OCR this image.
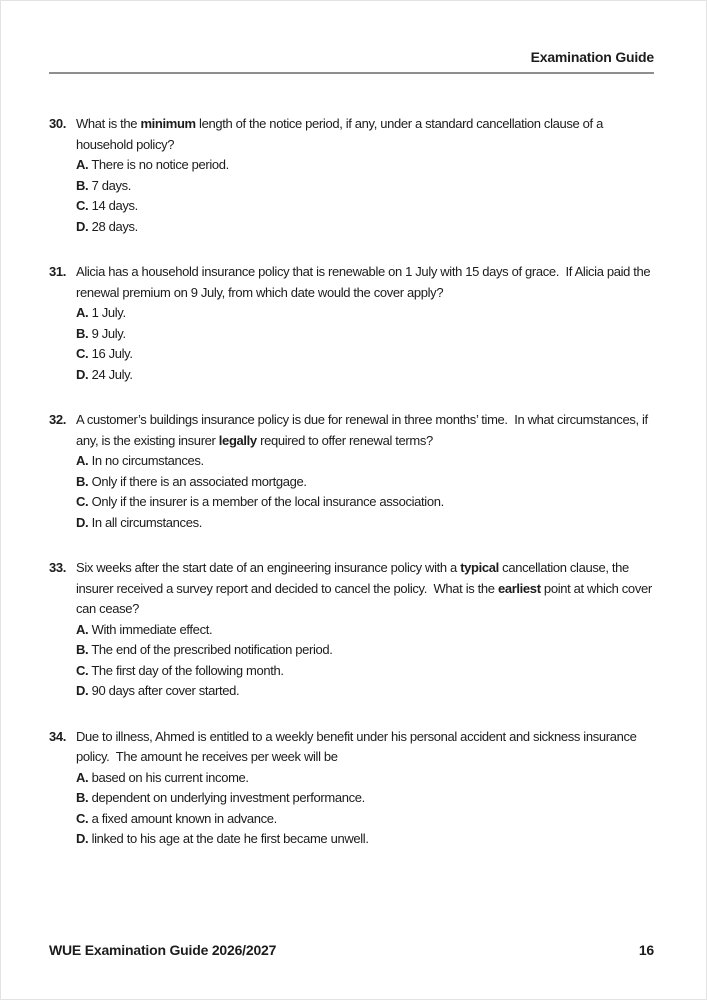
Examination Guide
30. What is the minimum length of the notice period, if any, under a standard cancellation clause of a household policy?

A. There is no notice period.
B. 7 days.
C. 14 days.
D. 28 days.
31. Alicia has a household insurance policy that is renewable on 1 July with 15 days of grace.  If Alicia paid the renewal premium on 9 July, from which date would the cover apply?

A. 1 July.
B. 9 July.
C. 16 July.
D. 24 July.
32. A customer’s buildings insurance policy is due for renewal in three months’ time.  In what circumstances, if any, is the existing insurer legally required to offer renewal terms?

A. In no circumstances.
B. Only if there is an associated mortgage.
C. Only if the insurer is a member of the local insurance association.
D. In all circumstances.
33. Six weeks after the start date of an engineering insurance policy with a typical cancellation clause, the insurer received a survey report and decided to cancel the policy.  What is the earliest point at which cover can cease?

A. With immediate effect.
B. The end of the prescribed notification period.
C. The first day of the following month.
D. 90 days after cover started.
34. Due to illness, Ahmed is entitled to a weekly benefit under his personal accident and sickness insurance policy.  The amount he receives per week will be

A. based on his current income.
B. dependent on underlying investment performance.
C. a fixed amount known in advance.
D. linked to his age at the date he first became unwell.
WUE Examination Guide 2026/2027	16
